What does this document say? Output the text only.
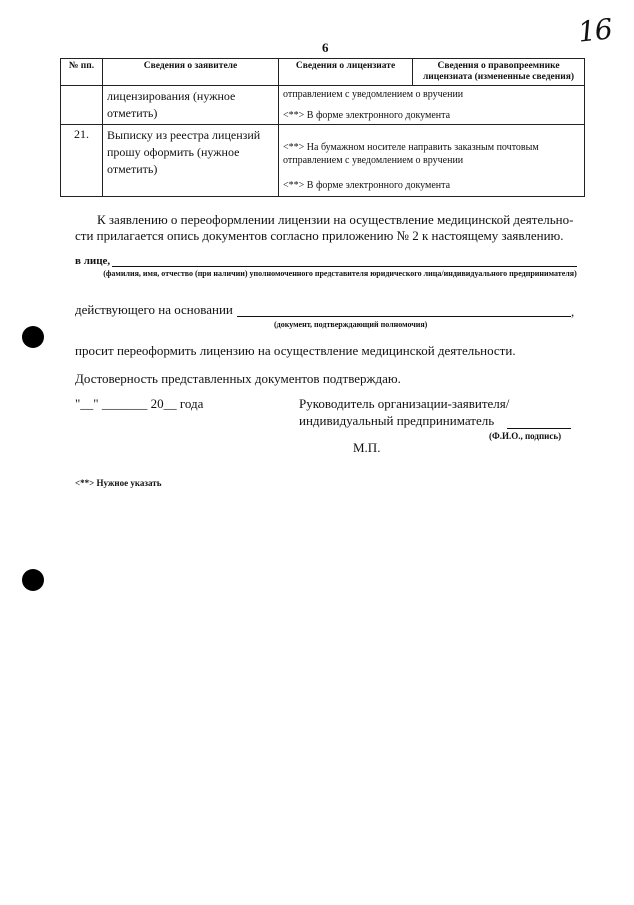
16
6
№ пп.	Сведения о заявителе	Сведения о лицензиате	Сведения о правопреемнике лицензиата (измененные сведения)
	лицензирования (нужное отметить)	отправлением с уведомлением о вручении

<**> В форме электронного документа	

21.	Выписку из реестра лицензий прошу оформить (нужное отметить)	<**> На бумажном носителе направить заказным почтовым отправлением с уведомлением о вручении

<**> В форме электронного документа	

К заявлению о переоформлении лицензии на осуществление медицинской деятельно-
сти прилагается опись документов согласно приложению № 2 к настоящему заявлению.
в лице,
(фамилия, имя, отчество (при наличии) уполномоченного представителя юридического лица/индивидуального предпринимателя)
действующего на основании	,
(документ, подтверждающий полномочия)
просит переоформить лицензию на осуществление медицинской деятельности.
Достоверность представленных документов подтверждаю.
"__" _______ 20__ года	Руководитель организации-заявителя/
индивидуальный предприниматель
(Ф.И.О., подпись)
М.П.
<**> Нужное указать
